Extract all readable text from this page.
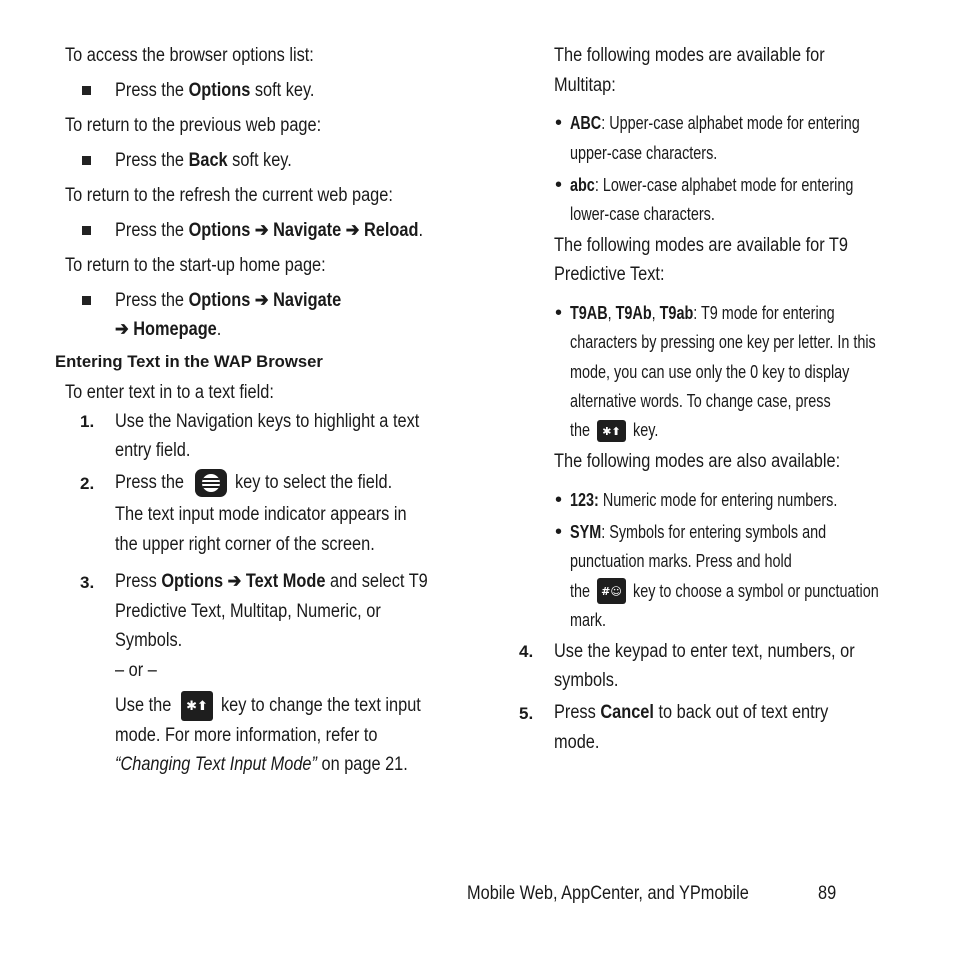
To access the browser options list:
Press the Options soft key.
To return to the previous web page:
Press the Back soft key.
To return to the refresh the current web page:
Press the Options ➔ Navigate ➔ Reload.
To return to the start-up home page:
Press the Options ➔ Navigate
➔ Homepage.
Entering Text in the WAP Browser
To enter text in to a text field:
1. Use the Navigation keys to highlight a text
entry field.
2. Press the	key to select the field.
The text input mode indicator appears in
the upper right corner of the screen.
3. Press Options ➔ Text Mode and select T9
Predictive Text, Multitap, Numeric, or
Symbols.
– or –
Use the	✱⬆ key to change the text input
mode. For more information, refer to
“Changing Text Input Mode” on page 21.
The following modes are available for
Multitap:
• ABC: Upper-case alphabet mode for entering
upper-case characters.
• abc: Lower-case alphabet mode for entering
lower-case characters.
The following modes are available for T9
Predictive Text:
• T9AB, T9Ab, T9ab: T9 mode for entering
characters by pressing one key per letter. In this
mode, you can use only the 0 key to display
alternative words. To change case, press
the	✱⬆ key.
The following modes are also available:
• 123: Numeric mode for entering numbers.
• SYM: Symbols for entering symbols and
punctuation marks. Press and hold
the	#☺ key to choose a symbol or punctuation
mark.
4. Use the keypad to enter text, numbers, or
symbols.
5. Press Cancel to back out of text entry
mode.
Mobile Web, AppCenter, and YPmobile	89
